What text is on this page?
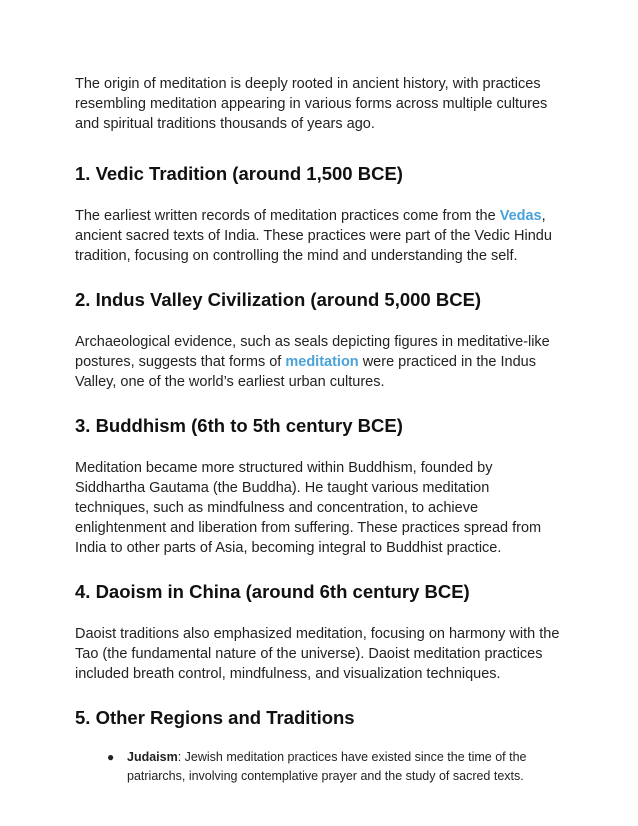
The origin of meditation is deeply rooted in ancient history, with practices resembling meditation appearing in various forms across multiple cultures and spiritual traditions thousands of years ago.

1. Vedic Tradition (around 1,500 BCE)

The earliest written records of meditation practices come from the Vedas, ancient sacred texts of India. These practices were part of the Vedic Hindu tradition, focusing on controlling the mind and understanding the self.

2. Indus Valley Civilization (around 5,000 BCE)

Archaeological evidence, such as seals depicting figures in meditative-like postures, suggests that forms of meditation were practiced in the Indus Valley, one of the world’s earliest urban cultures.

3. Buddhism (6th to 5th century BCE)

Meditation became more structured within Buddhism, founded by Siddhartha Gautama (the Buddha). He taught various meditation techniques, such as mindfulness and concentration, to achieve enlightenment and liberation from suffering. These practices spread from India to other parts of Asia, becoming integral to Buddhist practice.

4. Daoism in China (around 6th century BCE)

Daoist traditions also emphasized meditation, focusing on harmony with the Tao (the fundamental nature of the universe). Daoist meditation practices included breath control, mindfulness, and visualization techniques.

5. Other Regions and Traditions
● Judaism: Jewish meditation practices have existed since the time of the patriarchs, involving contemplative prayer and the study of sacred texts.
